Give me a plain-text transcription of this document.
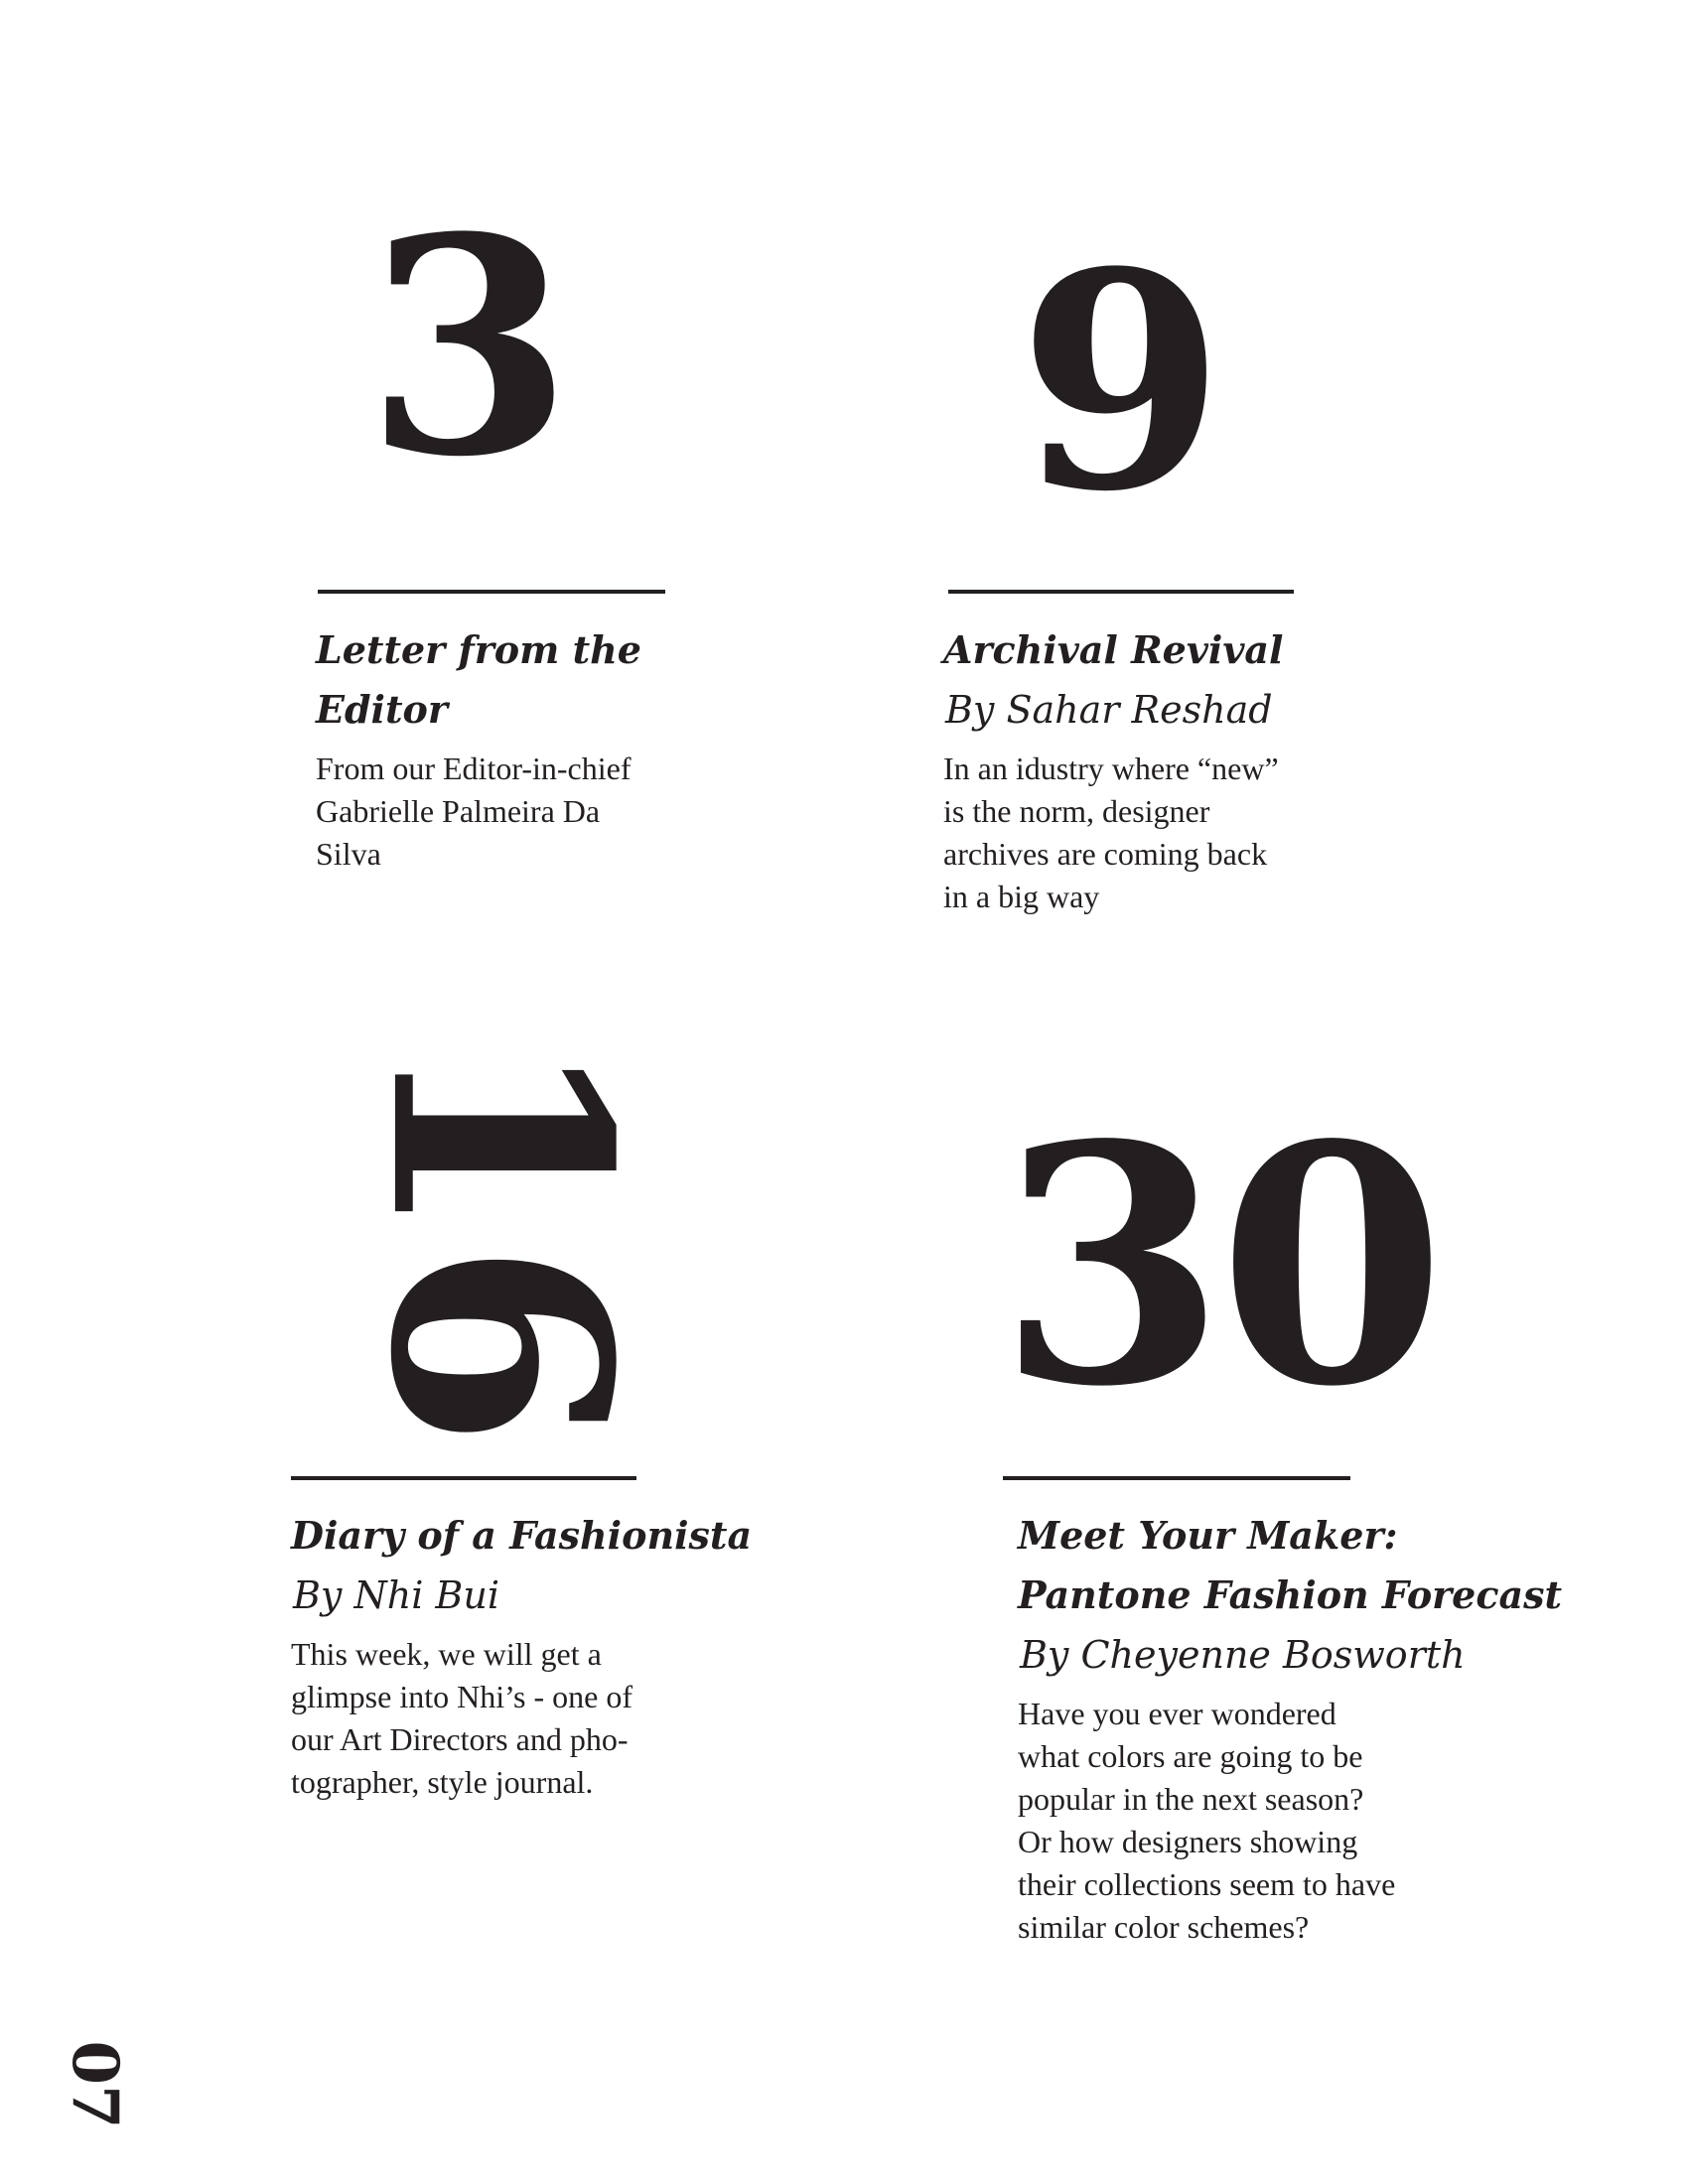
3 9
16 30

Letter from the
Editor

From our Editor-in-chief
Gabrielle Palmeira Da
Silva

Archival Revival

By Sahar Reshad

In an idustry where “new”
is the norm, designer
archives are coming back
in a big way

Diary of a Fashionista

By Nhi Bui

This week, we will get a
glimpse into Nhi’s - one of
our Art Directors and pho-
tographer, style journal.

Meet Your Maker:
Pantone Fashion Forecast

By Cheyenne Bosworth

Have you ever wondered
what colors are going to be
popular in the next season?
Or how designers showing
their collections seem to have
similar color schemes?

07
